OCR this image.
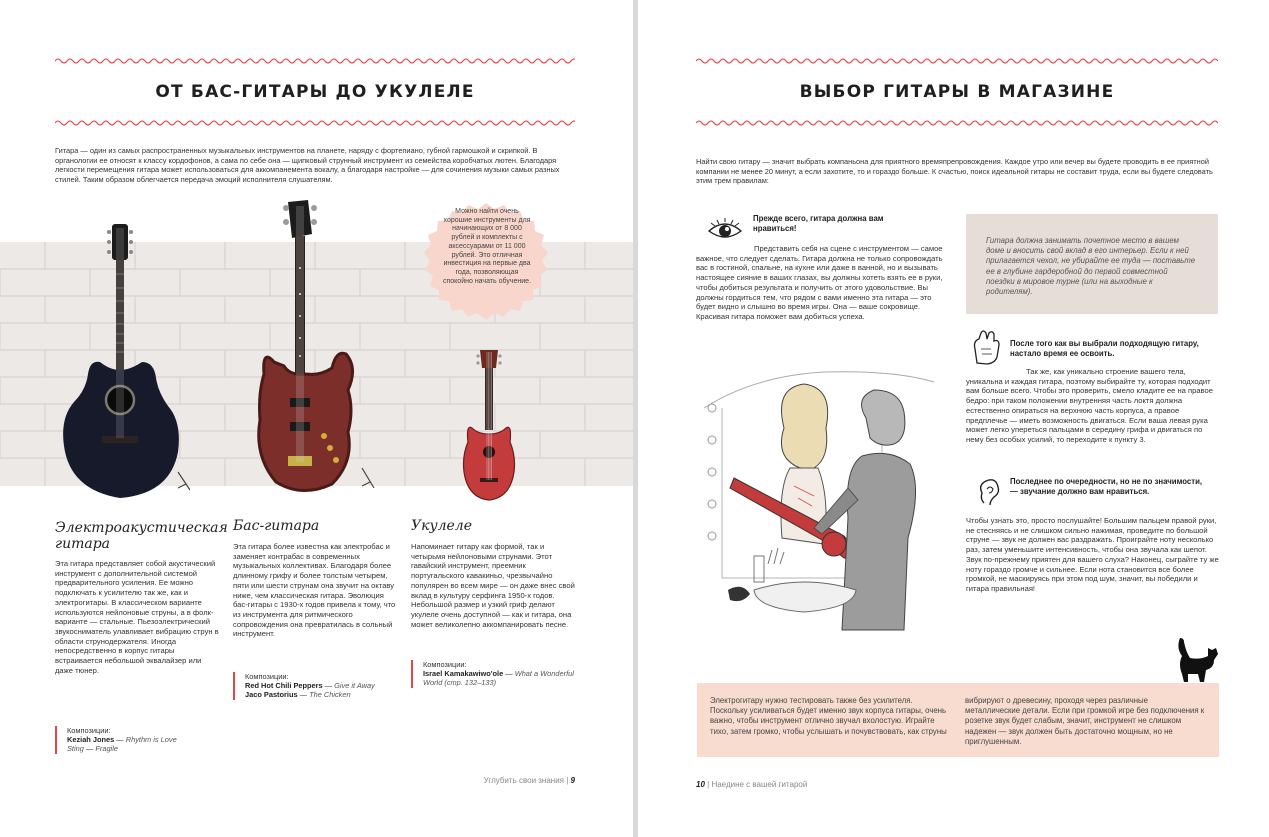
ОТ БАС-ГИТАРЫ ДО УКУЛЕЛЕ

Гитара — один из самых распространенных музыкальных инструментов на планете, наряду с фортепиано, губной гармошкой и скрипкой. В органологии ее относят к классу кордофонов, а сама по себе она — щипковый струнный инструмент из семейства коробчатых лютен. Благодаря легкости перемещения гитара может использоваться для аккомпанемента вокалу, а благодаря настройке — для сочинения музыки самых разных стилей. Таким образом облегчается передача эмоций исполнителя слушателям.

Можно найти очень хорошие инструменты для начинающих от 8 000 рублей и комплекты с аксессуарами от 11 000 рублей. Это отличная инвестиция на первые два года, позволяющая спокойно начать обучение.
Электроакустическая гитара

Эта гитара представляет собой акустический инструмент с дополнительной системой предварительного усиления. Ее можно подключать к усилителю так же, как и электрогитары. В классическом варианте используются нейлоновые струны, а в фолк-варианте — стальные. Пьезоэлектрический звукосниматель улавливает вибрацию струн в области струнодержателя. Иногда непосредственно в корпус гитары встраивается небольшой эквалайзер или даже тюнер.

Композиции:
Keziah Jones — Rhythm is Love
Sting — Fragile
Бас-гитара

Эта гитара более известна как электробас и заменяет контрабас в современных музыкальных коллективах. Благодаря более длинному грифу и более толстым четырем, пяти или шести струнам она звучит на октаву ниже, чем классическая гитара. Эволюция бас-гитары с 1930-х годов привела к тому, что из инструмента для ритмического сопровождения она превратилась в сольный инструмент.

Композиции:
Red Hot Chili Peppers — Give it Away
Jaco Pastorius — The Chicken
Укулеле

Напоминает гитару как формой, так и четырьмя нейлоновыми струнами. Этот гавайский инструмент, преемник португальского кавакиньо, чрезвычайно популярен во всем мире — он даже внес свой вклад в культуру серфинга 1950-х годов. Небольшой размер и узкий гриф делают укулеле очень доступной — как и гитара, она может великолепно аккомпанировать песне.

Композиции:
Israel Kamakawiwo'ole — What a Wonderful World (стр. 132–133)
Углубить свои знания | 9
ВЫБОР ГИТАРЫ В МАГАЗИНЕ

Найти свою гитару — значит выбрать компаньона для приятного времяпрепровождения. Каждое утро или вечер вы будете проводить в ее приятной компании не менее 20 минут, а если захотите, то и гораздо больше. К счастью, поиск идеальной гитары не составит труда, если вы будете следовать этим трем правилам:

Прежде всего, гитара должна вам нравиться!

Представить себя на сцене с инструментом — самое важное, что следует сделать. Гитара должна не только сопровождать вас в гостиной, спальне, на кухне или даже в ванной, но и вызывать настоящее сияние в ваших глазах, вы должны хотеть взять ее в руки, чтобы добиться результата и получить от этого удовольствие. Вы должны гордиться тем, что рядом с вами именно эта гитара — это будет видно и слышно во время игры. Она — ваше сокровище. Красивая гитара поможет вам добиться успеха.

Гитара должна занимать почетное место в вашем доме и вносить свой вклад в его интерьер. Если к ней прилагается чехол, не убирайте ее туда — поставьте ее в глубине гардеробной до первой совместной поездки в мировое турне (или на выходные к родителям).
После того как вы выбрали подходящую гитару, настало время ее освоить.

Так же, как уникально строение вашего тела, уникальна и каждая гитара, поэтому выбирайте ту, которая подходит вам больше всего. Чтобы это проверить, смело кладите ее на правое бедро: при таком положении внутренняя часть локтя должна естественно опираться на верхнюю часть корпуса, а правое предплечье — иметь возможность двигаться. Если ваша левая рука может легко упереться пальцами в середину грифа и двигаться по нему без особых усилий, то переходите к пункту 3.

Последнее по очередности, но не по значимости, — звучание должно вам нравиться.

Чтобы узнать это, просто послушайте! Большим пальцем правой руки, не стесняясь и не слишком сильно нажимая, проведите по большой струне — звук не должен вас раздражать. Проиграйте ноту несколько раз, затем уменьшите интенсивность, чтобы она звучала как шепот. Звук по-прежнему приятен для вашего слуха? Наконец, сыграйте ту же ноту гораздо громче и сильнее. Если нота становится все более громкой, не маскируясь при этом под шум, значит, вы победили и гитара правильная!

Электрогитару нужно тестировать также без усилителя. Поскольку усиливаться будет именно звук корпуса гитары, очень важно, чтобы инструмент отлично звучал вхолостую. Играйте тихо, затем громко, чтобы услышать и почувствовать, как струны

вибрируют о древесину, проходя через различные металлические детали. Если при громкой игре без подключения к розетке звук будет слабым, значит, инструмент не слишком надежен — звук должен быть достаточно мощным, но не приглушенным.

10 | Наедине с вашей гитарой
